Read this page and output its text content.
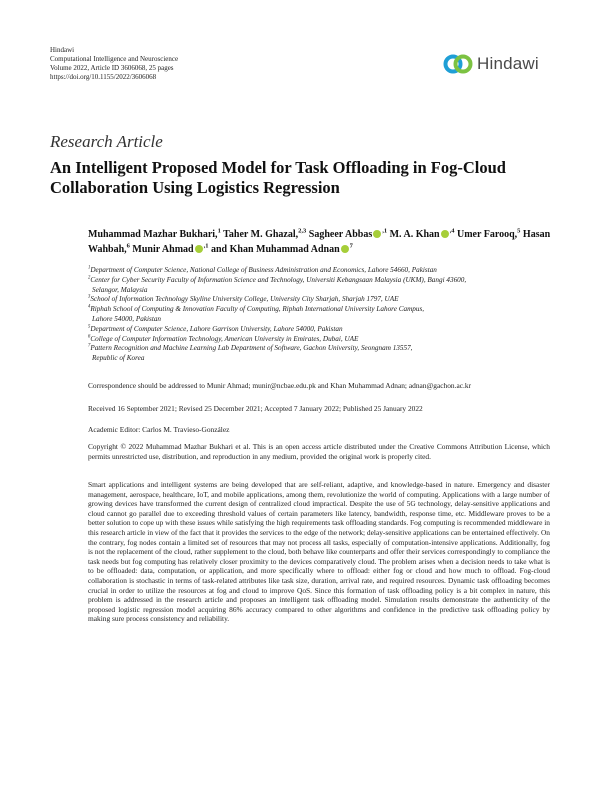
Hindawi
Computational Intelligence and Neuroscience
Volume 2022, Article ID 3606068, 25 pages
https://doi.org/10.1155/2022/3606068
Hindawi
Research Article
An Intelligent Proposed Model for Task Offloading in Fog-Cloud Collaboration Using Logistics Regression
Muhammad Mazhar Bukhari,$^1$ Taher M. Ghazal,$^{2,3}$ Sagheer Abbas $^{,1}$ M. A. Khan $^{,4}$ Umer Farooq,$^5$ Hasan Wahbah,$^6$ Munir Ahmad $^{,1}$ and Khan Muhammad Adnan $^7$
$^1$Department of Computer Science, National College of Business Administration and Economics, Lahore 54660, Pakistan
$^2$Center for Cyber Security Faculty of Information Science and Technology, Universiti Kebangsaan Malaysia (UKM), Bangi 43600,
Selangor, Malaysia
$^3$School of Information Technology Skyline University College, University City Sharjah, Sharjah 1797, UAE
$^4$Riphah School of Computing & Innovation Faculty of Computing, Riphah International University Lahore Campus,
Lahore 54000, Pakistan
$^5$Department of Computer Science, Lahore Garrison University, Lahore 54000, Pakistan
$^6$College of Computer Information Technology, American University in Emirates, Dubai, UAE
$^7$Pattern Recognition and Machine Learning Lab Department of Software, Gachon University, Seongnam 13557,
Republic of Korea
Correspondence should be addressed to Munir Ahmad; munir@ncbae.edu.pk and Khan Muhammad Adnan; adnan@gachon.ac.kr
Received 16 September 2021; Revised 25 December 2021; Accepted 7 January 2022; Published 25 January 2022
Academic Editor: Carlos M. Travieso-González
Copyright © 2022 Muhammad Mazhar Bukhari et al. This is an open access article distributed under the Creative Commons Attribution License, which permits unrestricted use, distribution, and reproduction in any medium, provided the original work is properly cited.
Smart applications and intelligent systems are being developed that are self-reliant, adaptive, and knowledge-based in nature. Emergency and disaster management, aerospace, healthcare, IoT, and mobile applications, among them, revolutionize the world of computing. Applications with a large number of growing devices have transformed the current design of centralized cloud impractical. Despite the use of 5G technology, delay-sensitive applications and cloud cannot go parallel due to exceeding threshold values of certain parameters like latency, bandwidth, response time, etc. Middleware proves to be a better solution to cope up with these issues while satisfying the high requirements task offloading standards. Fog computing is recommended middleware in this research article in view of the fact that it provides the services to the edge of the network; delay-sensitive applications can be entertained effectively. On the contrary, fog nodes contain a limited set of resources that may not process all tasks, especially of computation-intensive applications. Additionally, fog is not the replacement of the cloud, rather supplement to the cloud, both behave like counterparts and offer their services correspondingly to compliance the task needs but fog computing has relatively closer proximity to the devices comparatively cloud. The problem arises when a decision needs to take what is to be offloaded: data, computation, or application, and more specifically where to offload: either fog or cloud and how much to offload. Fog-cloud collaboration is stochastic in terms of task-related attributes like task size, duration, arrival rate, and required resources. Dynamic task offloading becomes crucial in order to utilize the resources at fog and cloud to improve QoS. Since this formation of task offloading policy is a bit complex in nature, this problem is addressed in the research article and proposes an intelligent task offloading model. Simulation results demonstrate the authenticity of the proposed logistic regression model acquiring 86% accuracy compared to other algorithms and confidence in the predictive task offloading policy by making sure process consistency and reliability.
